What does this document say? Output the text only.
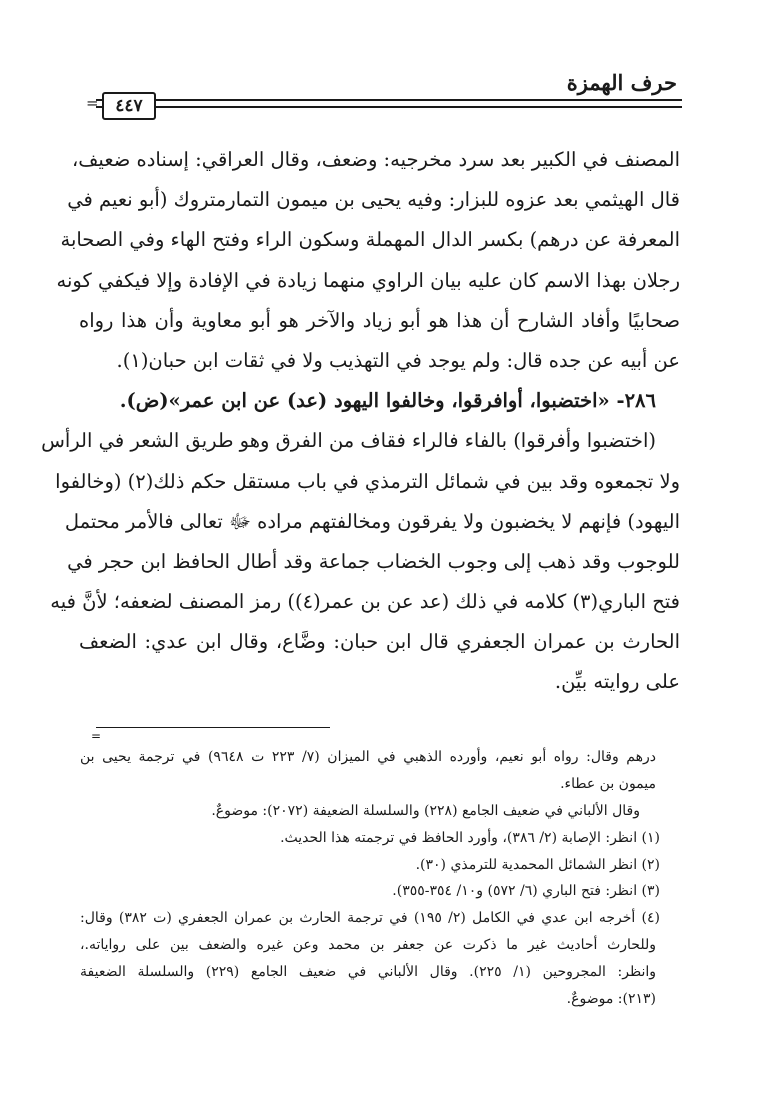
حرف الهمزة
= ٤٤٧
المصنف في الكبير بعد سرد مخرجيه: وضعف، وقال العراقي: إسناده ضعيف،
قال الهيثمي بعد عزوه للبزار: وفيه يحيى بن ميمون التمارمتروك (أبو نعيم في
المعرفة عن درهم) بكسر الدال المهملة وسكون الراء وفتح الهاء وفي الصحابة
رجلان بهذا الاسم كان عليه بيان الراوي منهما زيادة في الإفادة وإلا فيكفي كونه
صحابيًا وأفاد الشارح أن هذا هو أبو زياد والآخر هو أبو معاوية وأن هذا رواه
عن أبيه عن جده قال: ولم يوجد في التهذيب ولا في ثقات ابن حبان(١).
٢٨٦- «اختضبوا، أوافرقوا، وخالفوا اليهود (عد) عن ابن عمر»(ض).
(اختضبوا وأفرقوا) بالفاء فالراء فقاف من الفرق وهو طريق الشعر في الرأس
ولا تجمعوه وقد بين في شمائل الترمذي في باب مستقل حكم ذلك(٢) (وخالفوا
اليهود) فإنهم لا يخضبون ولا يفرقون ومخالفتهم مراده ﷻ تعالى فالأمر محتمل
للوجوب وقد ذهب إلى وجوب الخضاب جماعة وقد أطال الحافظ ابن حجر في
فتح الباري(٣) كلامه في ذلك (عد عن بن عمر(٤)) رمز المصنف لضعفه؛ لأنَّ فيه
الحارث بن عمران الجعفري قال ابن حبان: وضَّاع، وقال ابن عدي: الضعف
على روايته بيِّن.
=
درهم وقال: رواه أبو نعيم، وأورده الذهبي في الميزان (٧/ ٢٢٣ ت ٩٦٤٨) في ترجمة يحيى بن
ميمون بن عطاء.
وقال الألباني في ضعيف الجامع (٢٢٨) والسلسلة الضعيفة (٢٠٧٢): موضوعٌ.
(١) انظر: الإصابة (٢/ ٣٨٦)، وأورد الحافظ في ترجمته هذا الحديث.
(٢) انظر الشمائل المحمدية للترمذي (٣٠).
(٣) انظر: فتح الباري (٦/ ٥٧٢) و١٠/ ٣٥٤-٣٥٥).
(٤) أخرجه ابن عدي في الكامل (٢/ ١٩٥) في ترجمة الحارث بن عمران الجعفري (ت ٣٨٢) وقال:
وللحارث أحاديث غير ما ذكرت عن جعفر بن محمد وعن غيره والضعف بين على رواياته.،
وانظر: المجروحين (١/ ٢٢٥). وقال الألباني في ضعيف الجامع (٢٢٩) والسلسلة الضعيفة
(٢١٣): موضوعٌ.
